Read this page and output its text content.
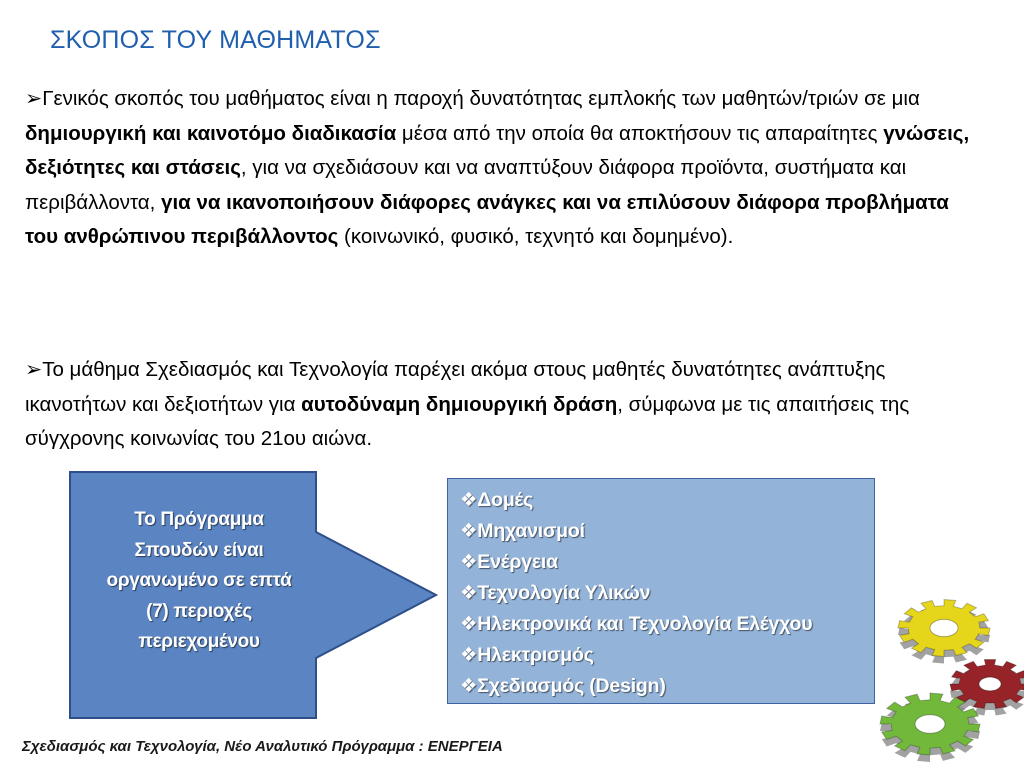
ΣΚΟΠΟΣ ΤΟΥ ΜΑΘΗΜΑΤΟΣ
➢Γενικός σκοπός του μαθήματος είναι η παροχή δυνατότητας εμπλοκής των μαθητών/τριών σε μια δημιουργική και καινοτόμο διαδικασία μέσα από την οποία θα αποκτήσουν τις απαραίτητες γνώσεις, δεξιότητες και στάσεις, για να σχεδιάσουν και να αναπτύξουν διάφορα προϊόντα, συστήματα και περιβάλλοντα, για να ικανοποιήσουν διάφορες ανάγκες και να επιλύσουν διάφορα προβλήματα του ανθρώπινου περιβάλλοντος (κοινωνικό, φυσικό, τεχνητό και δομημένο).
➢Το μάθημα Σχεδιασμός και Τεχνολογία παρέχει ακόμα στους μαθητές δυνατότητες ανάπτυξης ικανοτήτων και δεξιοτήτων για αυτοδύναμη δημιουργική δράση, σύμφωνα με τις απαιτήσεις της σύγχρονης κοινωνίας του 21ου αιώνα.
Το Πρόγραμμα
Σπουδών είναι
οργανωμένο σε επτά
(7) περιοχές
περιεχομένου
❖Δομές
❖Μηχανισμοί
❖Ενέργεια
❖Τεχνολογία Υλικών
❖Ηλεκτρονικά και Τεχνολογία Ελέγχου
❖Ηλεκτρισμός
❖Σχεδιασμός (Design)
Σχεδιασμός και Τεχνολογία, Νέο Αναλυτικό Πρόγραμμα : ΕΝΕΡΓΕΙΑ
